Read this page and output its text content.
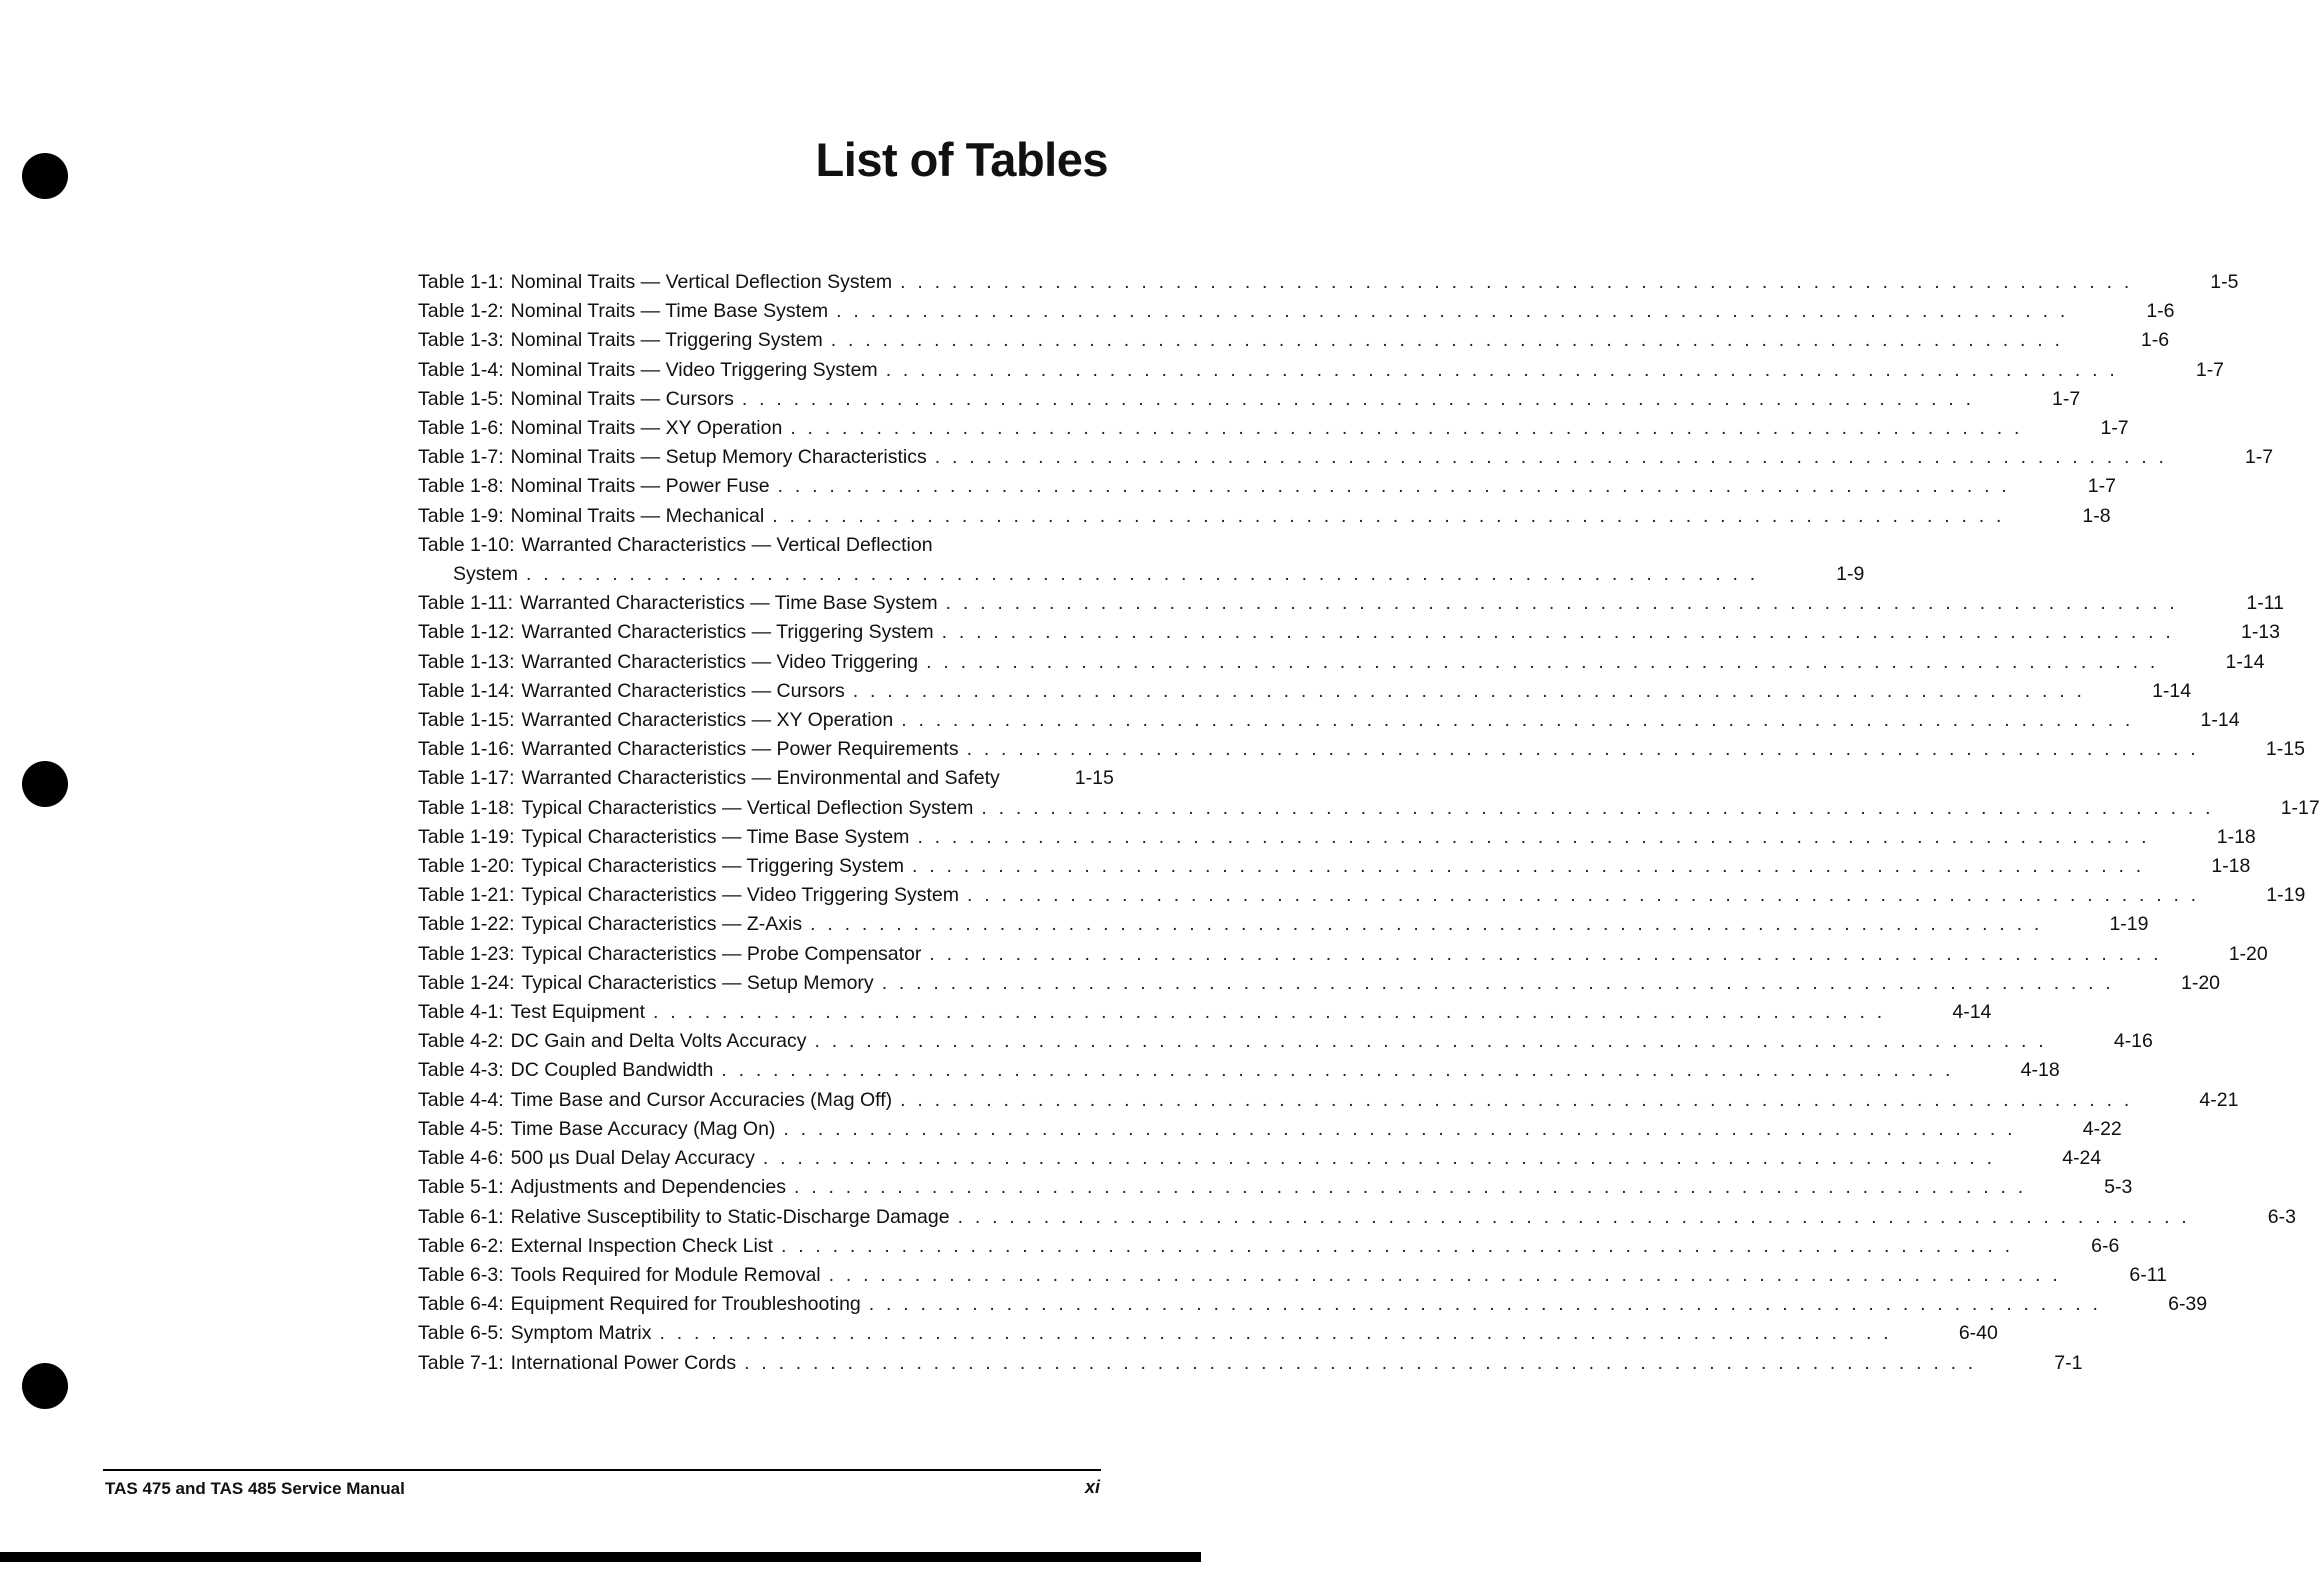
List of Tables
Table 1-1: Nominal Traits — Vertical Deflection System . . . . . . . . . . . . . . . . . . . . . . . . . . . . . . . . . . . . . . . . . . . . . . . . . . . . . . . . . . . . . . . . . . . . . . . .	1-5
Table 1-2: Nominal Traits — Time Base System . . . . . . . . . . . . . . . . . . . . . . . . . . . . . . . . . . . . . . . . . . . . . . . . . . . . . . . . . . . . . . . . . . . . . . . .	1-6
Table 1-3: Nominal Traits — Triggering System . . . . . . . . . . . . . . . . . . . . . . . . . . . . . . . . . . . . . . . . . . . . . . . . . . . . . . . . . . . . . . . . . . . . . . . .	1-6
Table 1-4: Nominal Traits — Video Triggering System . . . . . . . . . . . . . . . . . . . . . . . . . . . . . . . . . . . . . . . . . . . . . . . . . . . . . . . . . . . . . . . . . . . . . . . .	1-7
Table 1-5: Nominal Traits — Cursors . . . . . . . . . . . . . . . . . . . . . . . . . . . . . . . . . . . . . . . . . . . . . . . . . . . . . . . . . . . . . . . . . . . . . . . .	1-7
Table 1-6: Nominal Traits — XY Operation . . . . . . . . . . . . . . . . . . . . . . . . . . . . . . . . . . . . . . . . . . . . . . . . . . . . . . . . . . . . . . . . . . . . . . . .	1-7
Table 1-7: Nominal Traits — Setup Memory Characteristics . . . . . . . . . . . . . . . . . . . . . . . . . . . . . . . . . . . . . . . . . . . . . . . . . . . . . . . . . . . . . . . . . . . . . . . .	1-7
Table 1-8: Nominal Traits — Power Fuse . . . . . . . . . . . . . . . . . . . . . . . . . . . . . . . . . . . . . . . . . . . . . . . . . . . . . . . . . . . . . . . . . . . . . . . .	1-7
Table 1-9: Nominal Traits — Mechanical . . . . . . . . . . . . . . . . . . . . . . . . . . . . . . . . . . . . . . . . . . . . . . . . . . . . . . . . . . . . . . . . . . . . . . . .	1-8
Table 1-10: Warranted Characteristics — Vertical Deflection
System . . . . . . . . . . . . . . . . . . . . . . . . . . . . . . . . . . . . . . . . . . . . . . . . . . . . . . . . . . . . . . . . . . . . . . . .	1-9
Table 1-11: Warranted Characteristics — Time Base System . . . . . . . . . . . . . . . . . . . . . . . . . . . . . . . . . . . . . . . . . . . . . . . . . . . . . . . . . . . . . . . . . . . . . . . .	1-11
Table 1-12: Warranted Characteristics — Triggering System . . . . . . . . . . . . . . . . . . . . . . . . . . . . . . . . . . . . . . . . . . . . . . . . . . . . . . . . . . . . . . . . . . . . . . . .	1-13
Table 1-13: Warranted Characteristics — Video Triggering . . . . . . . . . . . . . . . . . . . . . . . . . . . . . . . . . . . . . . . . . . . . . . . . . . . . . . . . . . . . . . . . . . . . . . . .	1-14
Table 1-14: Warranted Characteristics — Cursors . . . . . . . . . . . . . . . . . . . . . . . . . . . . . . . . . . . . . . . . . . . . . . . . . . . . . . . . . . . . . . . . . . . . . . . .	1-14
Table 1-15: Warranted Characteristics — XY Operation . . . . . . . . . . . . . . . . . . . . . . . . . . . . . . . . . . . . . . . . . . . . . . . . . . . . . . . . . . . . . . . . . . . . . . . .	1-14
Table 1-16: Warranted Characteristics — Power Requirements . . . . . . . . . . . . . . . . . . . . . . . . . . . . . . . . . . . . . . . . . . . . . . . . . . . . . . . . . . . . . . . . . . . . . . . .	1-15
Table 1-17: Warranted Characteristics — Environmental and Safety	1-15
Table 1-18: Typical Characteristics — Vertical Deflection System . . . . . . . . . . . . . . . . . . . . . . . . . . . . . . . . . . . . . . . . . . . . . . . . . . . . . . . . . . . . . . . . . . . . . . . .	1-17
Table 1-19: Typical Characteristics — Time Base System . . . . . . . . . . . . . . . . . . . . . . . . . . . . . . . . . . . . . . . . . . . . . . . . . . . . . . . . . . . . . . . . . . . . . . . .	1-18
Table 1-20: Typical Characteristics — Triggering System . . . . . . . . . . . . . . . . . . . . . . . . . . . . . . . . . . . . . . . . . . . . . . . . . . . . . . . . . . . . . . . . . . . . . . . .	1-18
Table 1-21: Typical Characteristics — Video Triggering System . . . . . . . . . . . . . . . . . . . . . . . . . . . . . . . . . . . . . . . . . . . . . . . . . . . . . . . . . . . . . . . . . . . . . . . .	1-19
Table 1-22: Typical Characteristics — Z-Axis . . . . . . . . . . . . . . . . . . . . . . . . . . . . . . . . . . . . . . . . . . . . . . . . . . . . . . . . . . . . . . . . . . . . . . . .	1-19
Table 1-23: Typical Characteristics — Probe Compensator . . . . . . . . . . . . . . . . . . . . . . . . . . . . . . . . . . . . . . . . . . . . . . . . . . . . . . . . . . . . . . . . . . . . . . . .	1-20
Table 1-24: Typical Characteristics — Setup Memory . . . . . . . . . . . . . . . . . . . . . . . . . . . . . . . . . . . . . . . . . . . . . . . . . . . . . . . . . . . . . . . . . . . . . . . .	1-20
Table 4-1: Test Equipment . . . . . . . . . . . . . . . . . . . . . . . . . . . . . . . . . . . . . . . . . . . . . . . . . . . . . . . . . . . . . . . . . . . . . . . .	4-14
Table 4-2: DC Gain and Delta Volts Accuracy . . . . . . . . . . . . . . . . . . . . . . . . . . . . . . . . . . . . . . . . . . . . . . . . . . . . . . . . . . . . . . . . . . . . . . . .	4-16
Table 4-3: DC Coupled Bandwidth . . . . . . . . . . . . . . . . . . . . . . . . . . . . . . . . . . . . . . . . . . . . . . . . . . . . . . . . . . . . . . . . . . . . . . . .	4-18
Table 4-4: Time Base and Cursor Accuracies (Mag Off) . . . . . . . . . . . . . . . . . . . . . . . . . . . . . . . . . . . . . . . . . . . . . . . . . . . . . . . . . . . . . . . . . . . . . . . .	4-21
Table 4-5: Time Base Accuracy (Mag On) . . . . . . . . . . . . . . . . . . . . . . . . . . . . . . . . . . . . . . . . . . . . . . . . . . . . . . . . . . . . . . . . . . . . . . . .	4-22
Table 4-6: 500 µs Dual Delay Accuracy . . . . . . . . . . . . . . . . . . . . . . . . . . . . . . . . . . . . . . . . . . . . . . . . . . . . . . . . . . . . . . . . . . . . . . . .	4-24
Table 5-1: Adjustments and Dependencies . . . . . . . . . . . . . . . . . . . . . . . . . . . . . . . . . . . . . . . . . . . . . . . . . . . . . . . . . . . . . . . . . . . . . . . .	5-3
Table 6-1: Relative Susceptibility to Static-Discharge Damage . . . . . . . . . . . . . . . . . . . . . . . . . . . . . . . . . . . . . . . . . . . . . . . . . . . . . . . . . . . . . . . . . . . . . . . .	6-3
Table 6-2: External Inspection Check List . . . . . . . . . . . . . . . . . . . . . . . . . . . . . . . . . . . . . . . . . . . . . . . . . . . . . . . . . . . . . . . . . . . . . . . .	6-6
Table 6-3: Tools Required for Module Removal . . . . . . . . . . . . . . . . . . . . . . . . . . . . . . . . . . . . . . . . . . . . . . . . . . . . . . . . . . . . . . . . . . . . . . . .	6-11
Table 6-4: Equipment Required for Troubleshooting . . . . . . . . . . . . . . . . . . . . . . . . . . . . . . . . . . . . . . . . . . . . . . . . . . . . . . . . . . . . . . . . . . . . . . . .	6-39
Table 6-5: Symptom Matrix . . . . . . . . . . . . . . . . . . . . . . . . . . . . . . . . . . . . . . . . . . . . . . . . . . . . . . . . . . . . . . . . . . . . . . . .	6-40
Table 7-1: International Power Cords . . . . . . . . . . . . . . . . . . . . . . . . . . . . . . . . . . . . . . . . . . . . . . . . . . . . . . . . . . . . . . . . . . . . . . . .	7-1
TAS 475 and TAS 485 Service Manual	xi
